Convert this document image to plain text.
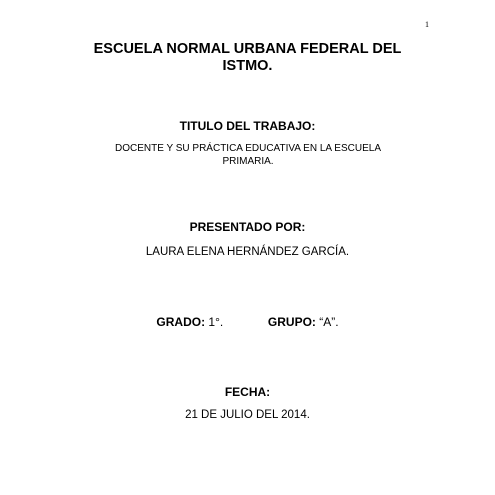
1
ESCUELA NORMAL URBANA FEDERAL DEL
ISTMO.
TITULO DEL TRABAJO:
DOCENTE Y SU PRÁCTICA EDUCATIVA EN LA ESCUELA
PRIMARIA.
PRESENTADO POR:
LAURA ELENA HERNÁNDEZ GARCÍA.
GRADO: 1°.	GRUPO: “A”.
FECHA:
21 DE JULIO DEL 2014.
